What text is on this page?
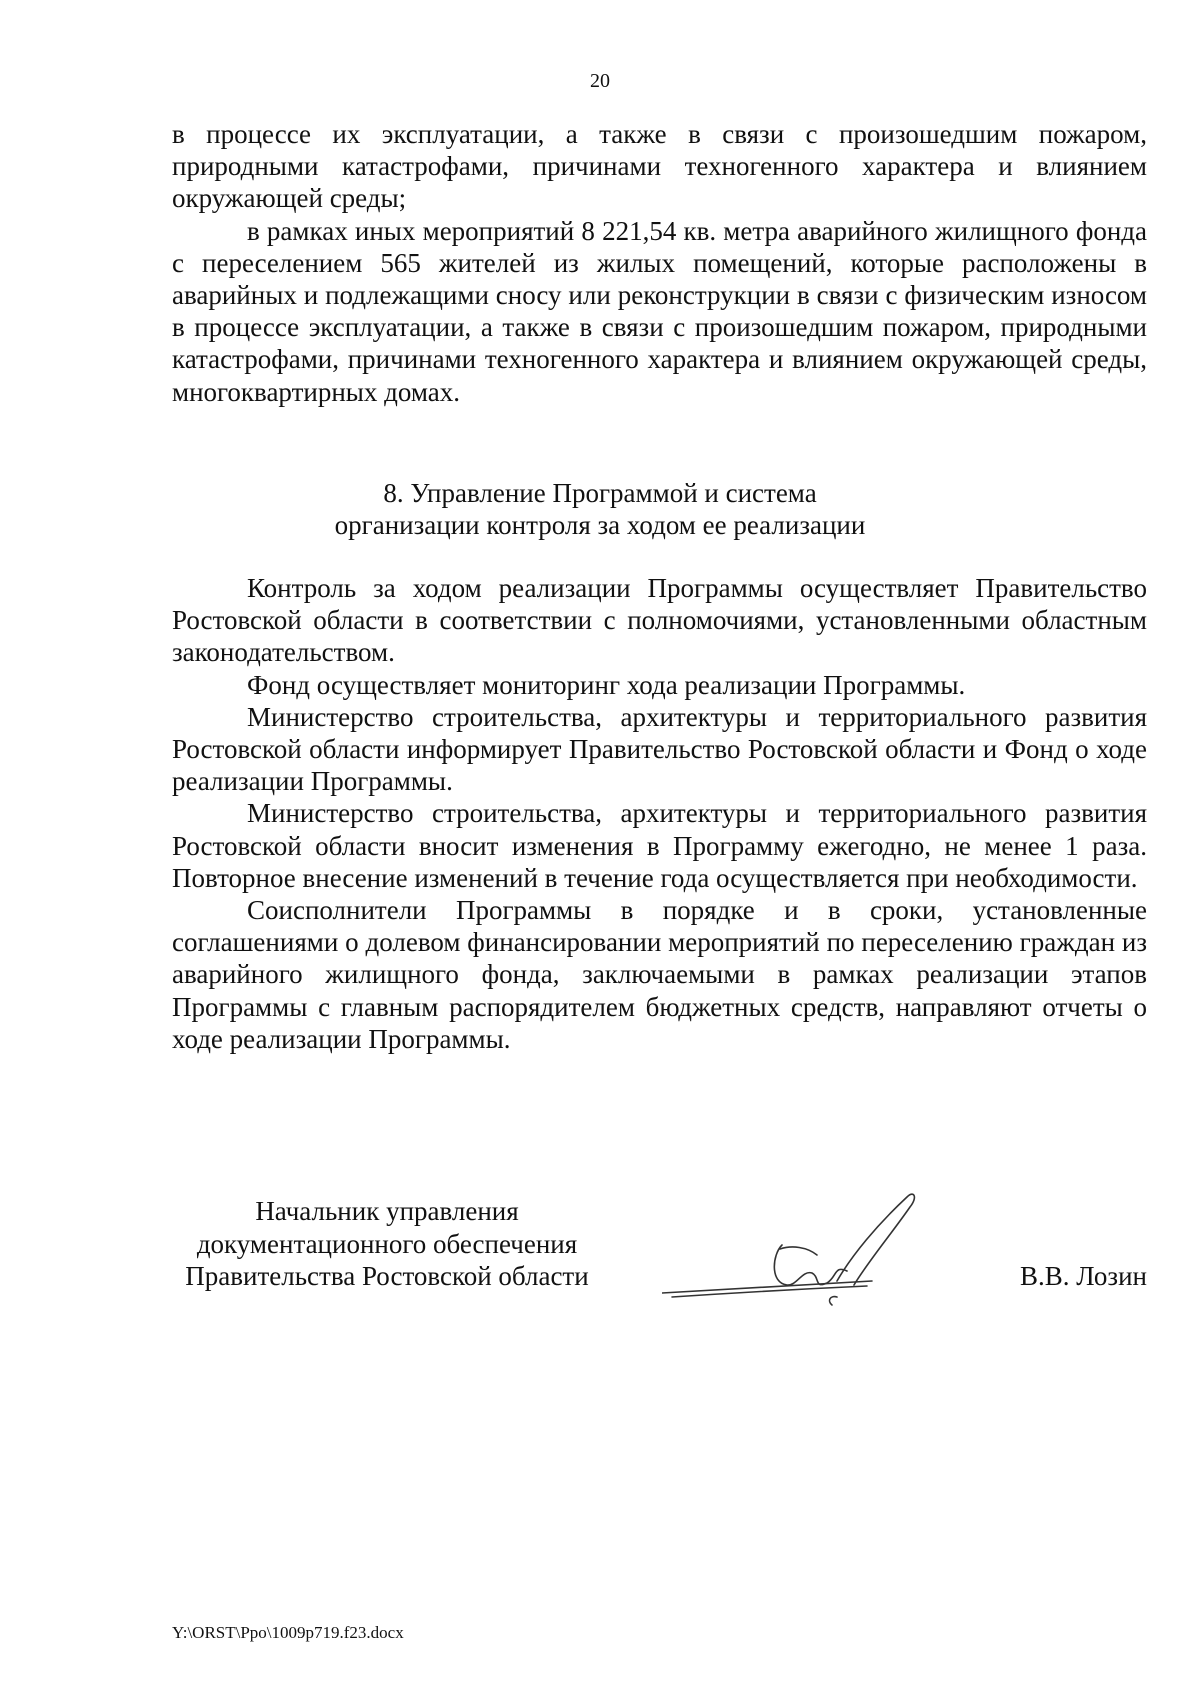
20

в процессе их эксплуатации, а также в связи с произошедшим пожаром, природными катастрофами, причинами техногенного характера и влиянием окружающей среды;

в рамках иных мероприятий 8 221,54 кв. метра аварийного жилищного фонда с переселением 565 жителей из жилых помещений, которые расположены в аварийных и подлежащими сносу или реконструкции в связи с физическим износом в процессе эксплуатации, а также в связи с произошедшим пожаром, природными катастрофами, причинами техногенного характера и влиянием окружающей среды, многоквартирных домах.

8. Управление Программой и система
организации контроля за ходом ее реализации

Контроль за ходом реализации Программы осуществляет Правительство Ростовской области в соответствии с полномочиями, установленными областным законодательством.

Фонд осуществляет мониторинг хода реализации Программы.

Министерство строительства, архитектуры и территориального развития Ростовской области информирует Правительство Ростовской области и Фонд о ходе реализации Программы.

Министерство строительства, архитектуры и территориального развития Ростовской области вносит изменения в Программу ежегодно, не менее 1 раза. Повторное внесение изменений в течение года осуществляется при необходимости.

Соисполнители Программы в порядке и в сроки, установленные соглашениями о долевом финансировании мероприятий по переселению граждан из аварийного жилищного фонда, заключаемыми в рамках реализации этапов Программы с главным распорядителем бюджетных средств, направляют отчеты о ходе реализации Программы.

Начальник управления
документационного обеспечения
Правительства Ростовской области	В.В. Лозин
Y:\ORST\Ppo\1009p719.f23.docx
